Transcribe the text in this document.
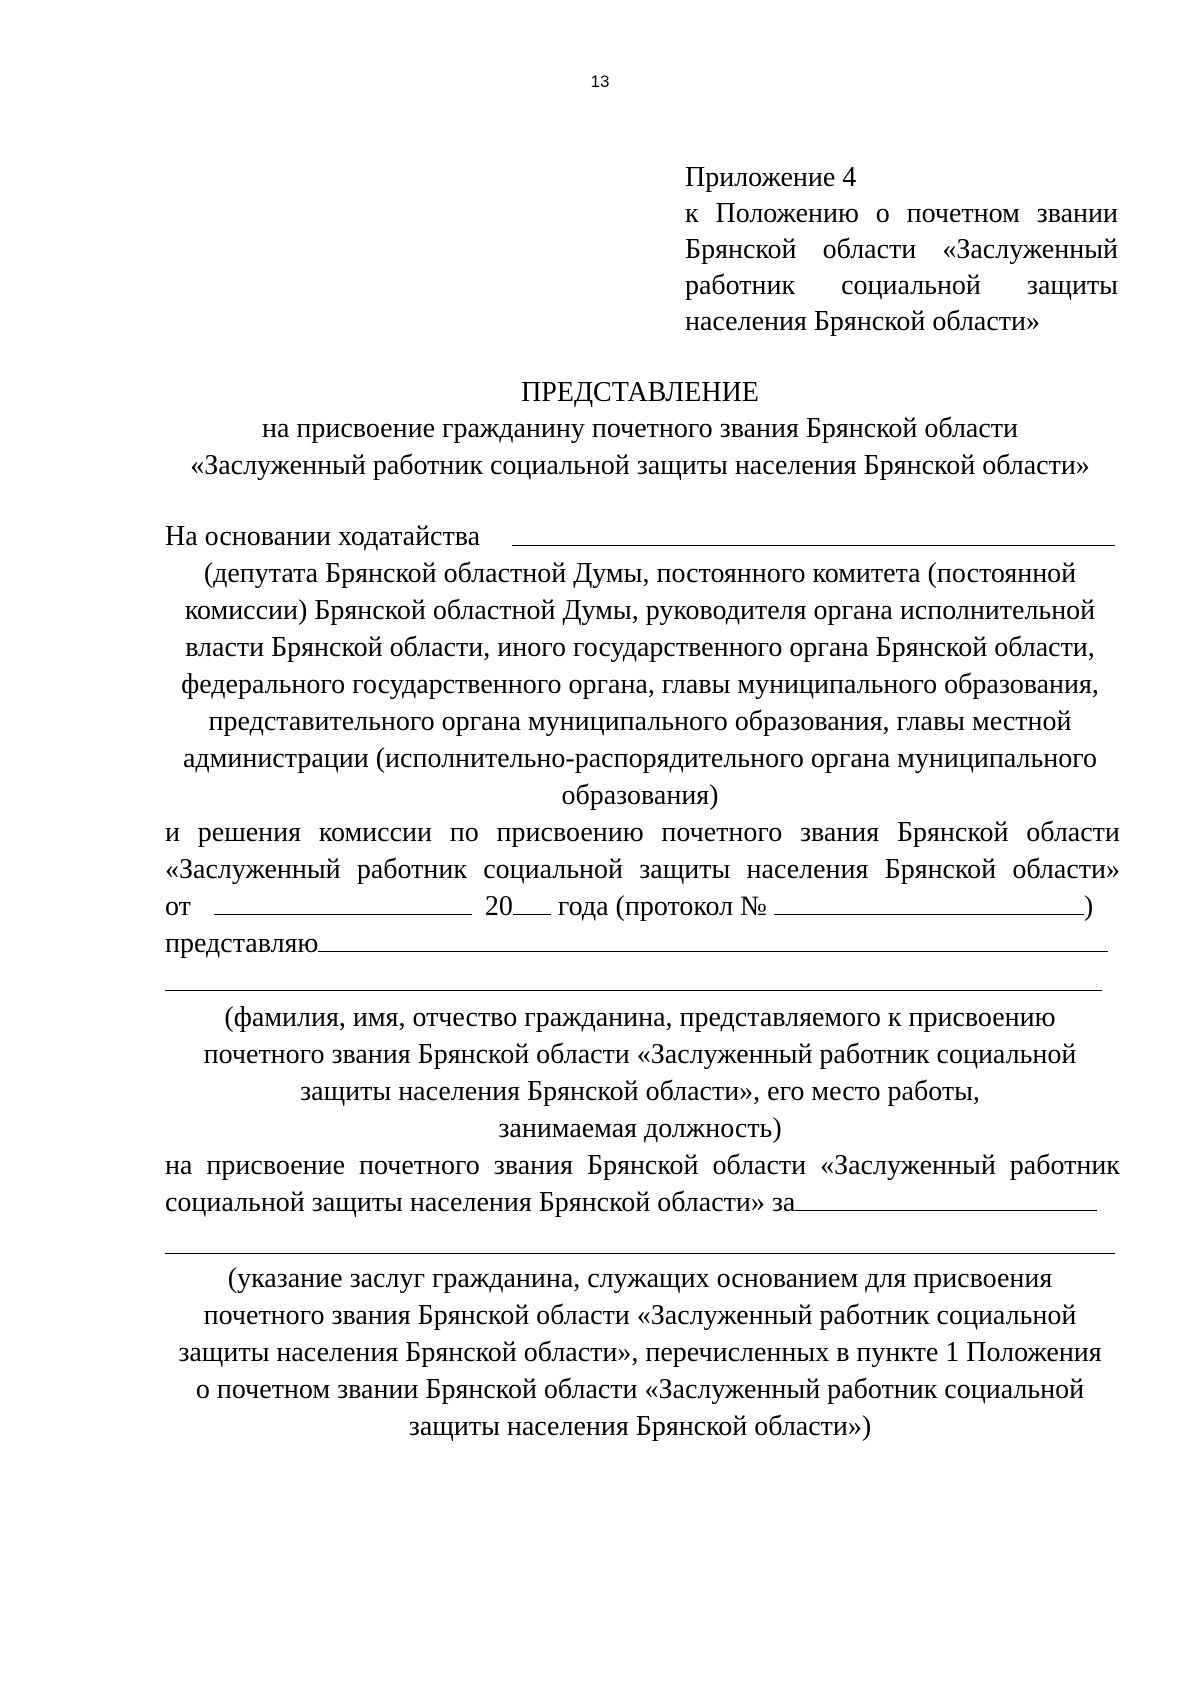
13
Приложение 4
к Положению о почетном звании
Брянской области «Заслуженный
работник социальной защиты
населения Брянской области»
ПРЕДСТАВЛЕНИЕ
на присвоение гражданину почетного звания Брянской области
«Заслуженный работник социальной защиты населения Брянской области»
На основании ходатайства
(депутата Брянской областной Думы, постоянного комитета (постоянной
комиссии) Брянской областной Думы, руководителя органа исполнительной
власти Брянской области, иного государственного органа Брянской области,
федерального государственного органа, главы муниципального образования,
представительного органа муниципального образования, главы местной
администрации (исполнительно-распорядительного органа муниципального
образования)
и решения комиссии по присвоению почетного звания Брянской области
«Заслуженный работник социальной защиты населения Брянской области»
от	20 года (протокол №	)
представляю
(фамилия, имя, отчество гражданина, представляемого к присвоению
почетного звания Брянской области «Заслуженный работник социальной
защиты населения Брянской области», его место работы,
занимаемая должность)
на присвоение почетного звания Брянской области «Заслуженный работник
социальной защиты населения Брянской области» за
(указание заслуг гражданина, служащих основанием для присвоения
почетного звания Брянской области «Заслуженный работник социальной
защиты населения Брянской области», перечисленных в пункте 1 Положения
о почетном звании Брянской области «Заслуженный работник социальной
защиты населения Брянской области»)
